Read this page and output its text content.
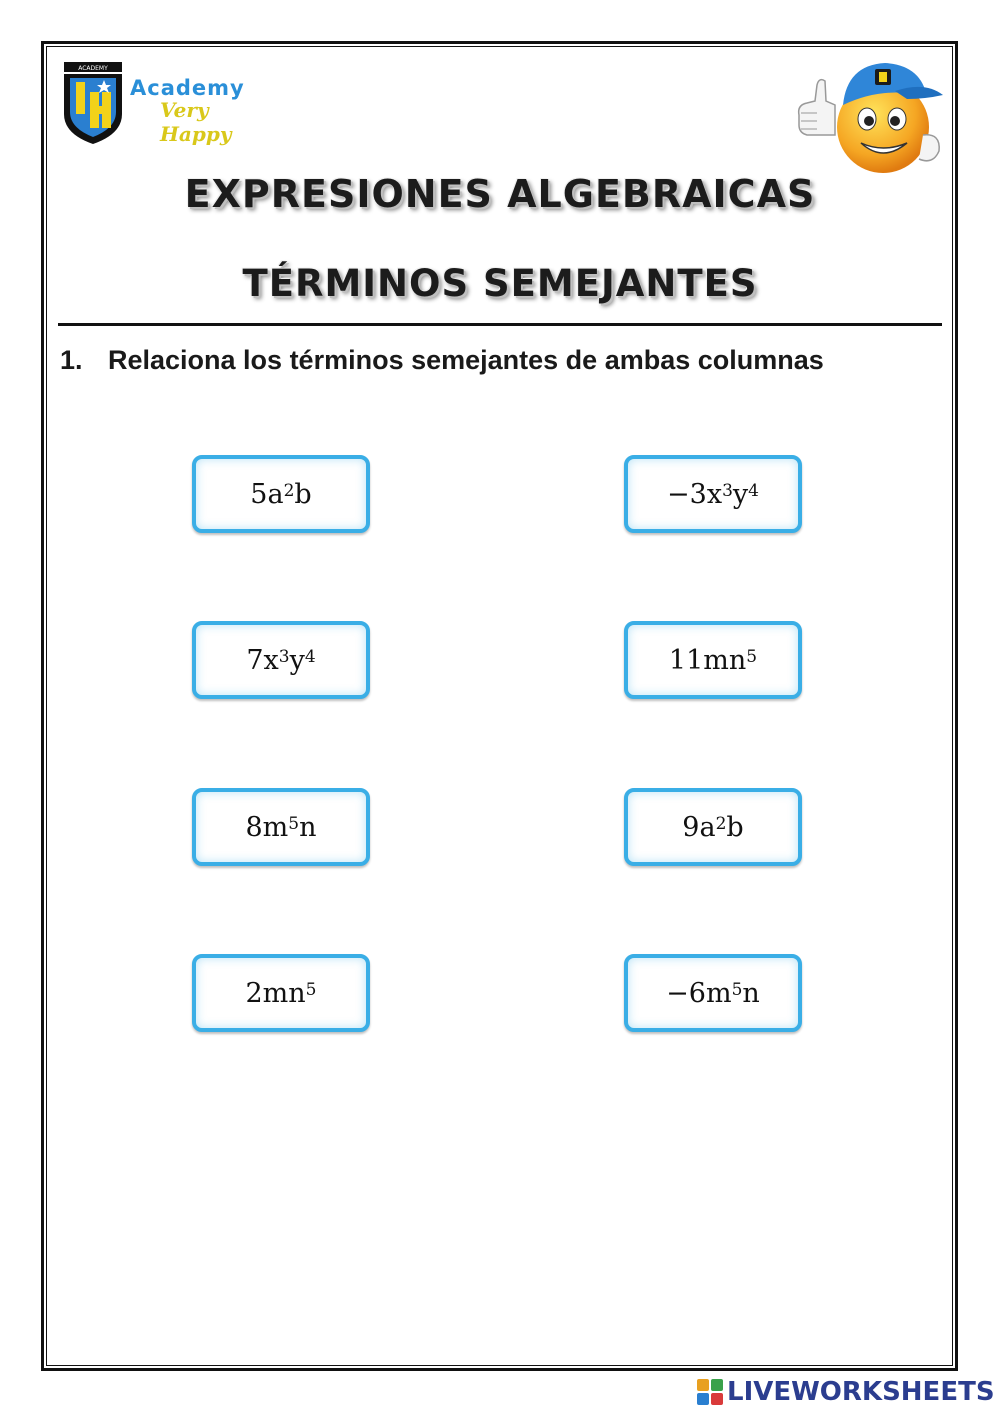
ACADEMY
Academy
Very Happy
EXPRESIONES ALGEBRAICAS
TÉRMINOS SEMEJANTES
1. Relaciona los términos semejantes de ambas columnas
5 $a^2$ b
7 $x^3$ $y^4$
8 $m^5$ n
2 m $n^5$
−3 $x^3$ $y^4$
11 m $n^5$
9 $a^2$ b
−6 $m^5$ n
LIVEWORKSHEETS
